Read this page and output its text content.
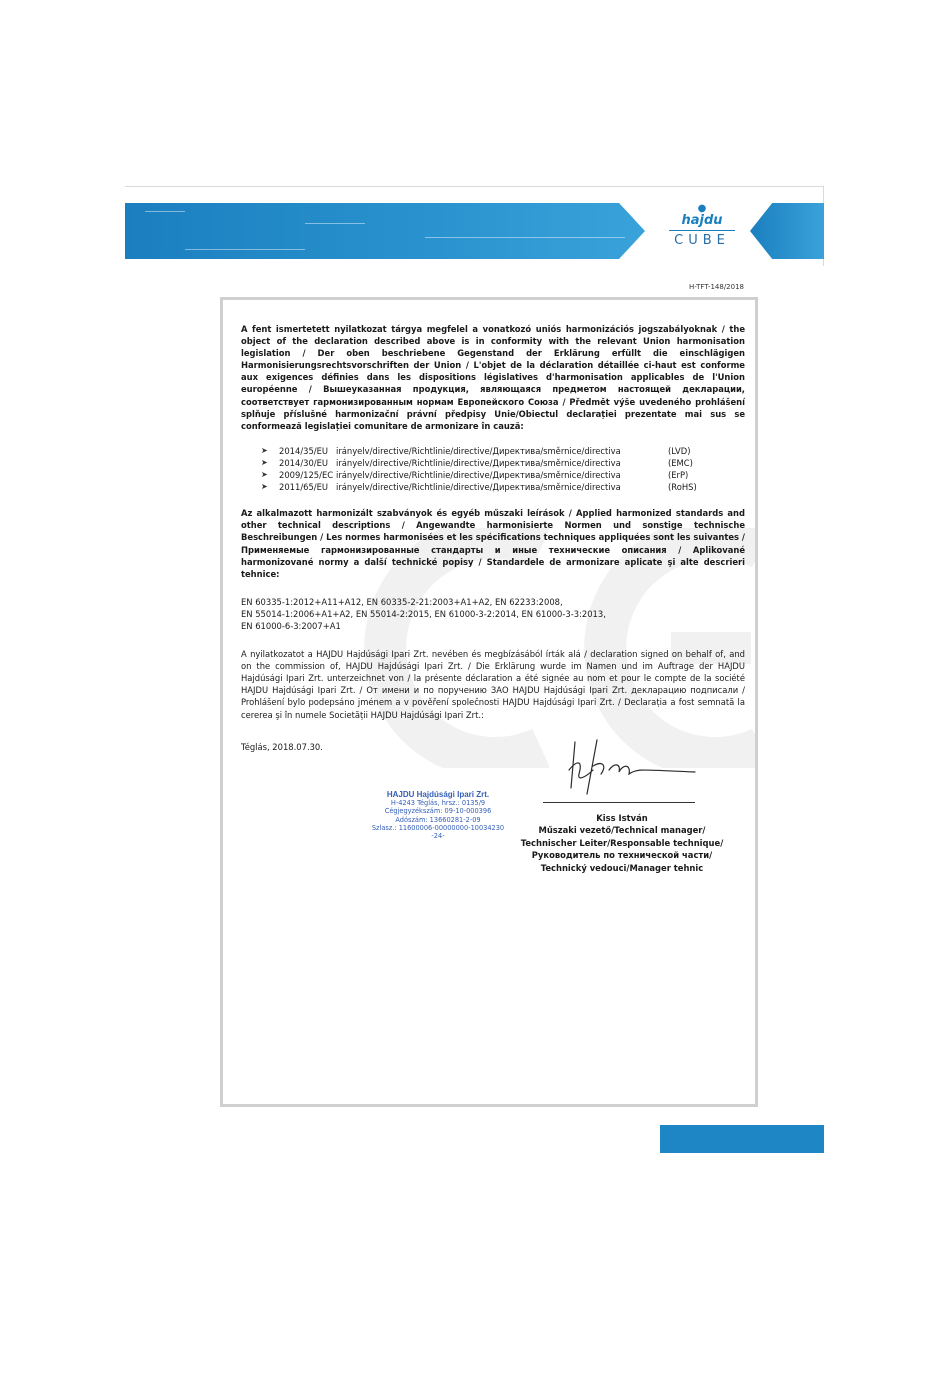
●
hajdu
CUBE
H-TFT-148/2018

A fent ismertetett nyilatkozat tárgya megfelel a vonatkozó uniós harmonizációs jogszabályoknak / the object of the declaration described above is in conformity with the relevant Union harmonisation legislation / Der oben beschriebene Gegenstand der Erklärung erfüllt die einschlägigen Harmonisierungsrechtsvorschriften der Union / L'objet de la déclaration détaillée ci-haut est conforme aux exigences définies dans les dispositions législatives d'harmonisation applicables de l'Union européenne / Вышеуказанная продукция, являющаяся предметом настоящей декларации, соответствует гармонизированным нормам Европейского Союза / Předmět výše uvedeného prohlášení splňuje příslušné harmonizační právní předpisy Unie/Obiectul declarației prezentate mai sus se conformează legislației comunitare de armonizare în cauză:

➤	2014/35/EU irányelv/directive/Richtlinie/directive/Директива/směrnice/directiva	(LVD)
➤	2014/30/EU irányelv/directive/Richtlinie/directive/Директива/směrnice/directiva	(EMC)
➤	2009/125/EC irányelv/directive/Richtlinie/directive/Директива/směrnice/directiva	(ErP)
➤	2011/65/EU irányelv/directive/Richtlinie/directive/Директива/směrnice/directiva	(RoHS)

Az alkalmazott harmonizált szabványok és egyéb műszaki leírások / Applied harmonized standards and other technical descriptions / Angewandte harmonisierte Normen und sonstige technische Beschreibungen / Les normes harmonisées et les spécifications techniques appliquées sont les suivantes / Применяемые гармонизированные стандарты и иные технические описания / Aplikované harmonizované normy a další technické popisy / Standardele de armonizare aplicate şi alte descrieri tehnice:

EN 60335-1:2012+A11+A12, EN 60335-2-21:2003+A1+A2, EN 62233:2008,
EN 55014-1:2006+A1+A2, EN 55014-2:2015, EN 61000-3-2:2014, EN 61000-3-3:2013,
EN 61000-6-3:2007+A1

A nyilatkozatot a HAJDU Hajdúsági Ipari Zrt. nevében és megbízásából írták alá / declaration signed on behalf of, and on the commission of, HAJDU Hajdúsági Ipari Zrt. / Die Erklärung wurde im Namen und im Auftrage der HAJDU Hajdúsági Ipari Zrt. unterzeichnet von / la présente déclaration a été signée au nom et pour le compte de la société HAJDU Hajdúsági Ipari Zrt. / От имени и по поручению ЗАО HAJDU Hajdúsági Ipari Zrt. декларацию подписали / Prohlášení bylo podepsáno jménem a v pověření společnosti HAJDU Hajdúsági Ipari Zrt. / Declarația a fost semnată la cererea şi în numele Societății HAJDU Hajdúsági Ipari Zrt.:

Téglás, 2018.07.30.
HAJDU Hajdúsági Ipari Zrt.
H-4243 Téglás, hrsz.: 0135/9
Cégjegyzékszám: 09-10-000396
Adószám: 13660281-2-09
Szlasz.: 11600006-00000000-10034230
-24-
Kiss István
Műszaki vezető/Technical manager/
Technischer Leiter/Responsable technique/
Руководитель по технической части/
Technický vedouci/Manager tehnic
